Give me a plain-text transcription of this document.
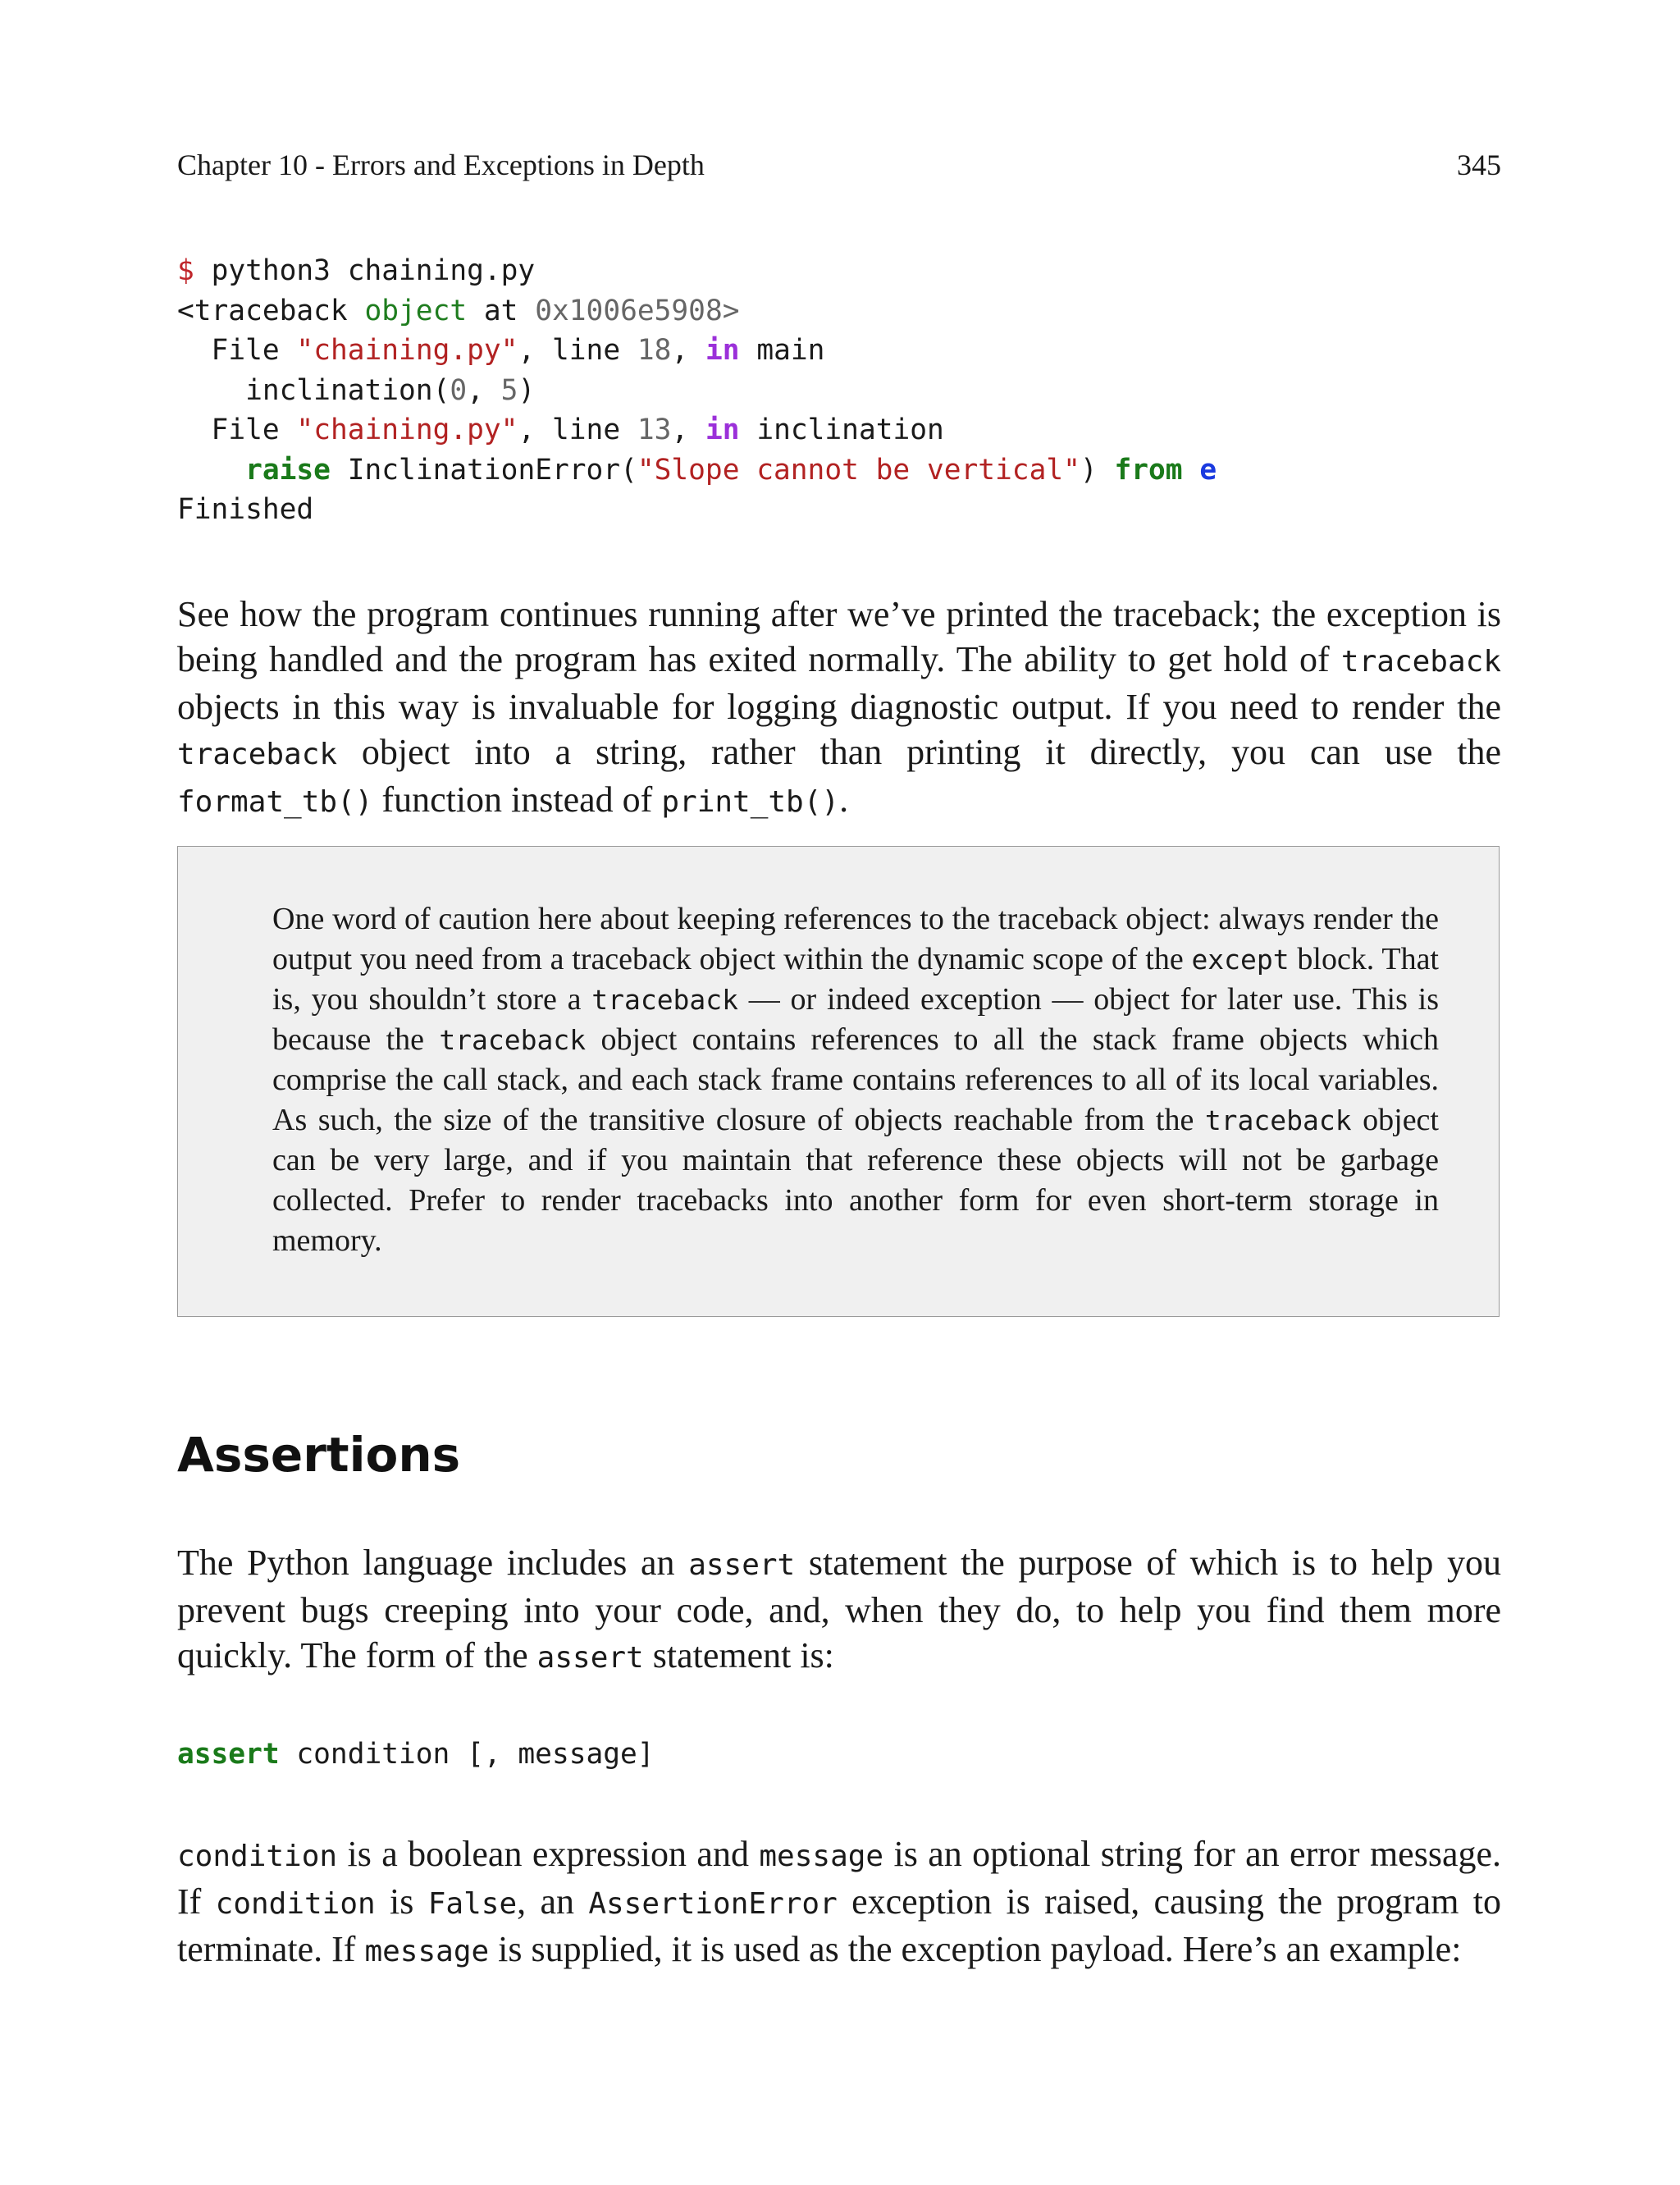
Chapter 10 - Errors and Exceptions in Depth	345
$ python3 chaining.py
<traceback object at 0x1006e5908>
File "chaining.py", line 18, in main
inclination(0, 5)
File "chaining.py", line 13, in inclination
raise InclinationError("Slope cannot be vertical") from e
Finished

See how the program continues running after we’ve printed the traceback; the exception is being handled and the program has exited normally. The ability to get hold of traceback objects in this way is invaluable for logging diagnostic output. If you need to render the traceback object into a string, rather than printing it directly, you can use the format_tb() function instead of print_tb().

One word of caution here about keeping references to the traceback object: always render the output you need from a traceback object within the dynamic scope of the except block. That is, you shouldn’t store a traceback — or indeed exception — object for later use. This is because the traceback object contains references to all the stack frame objects which comprise the call stack, and each stack frame contains references to all of its local variables. As such, the size of the transitive closure of objects reachable from the traceback object can be very large, and if you maintain that reference these objects will not be garbage collected. Prefer to render tracebacks into another form for even short-term storage in memory.

Assertions

The Python language includes an assert statement the purpose of which is to help you prevent bugs creeping into your code, and, when they do, to help you find them more quickly. The form of the assert statement is:

assert condition [, message]

condition is a boolean expression and message is an optional string for an error message. If condition is False, an AssertionError exception is raised, causing the program to terminate. If message is supplied, it is used as the exception payload. Here’s an example:
